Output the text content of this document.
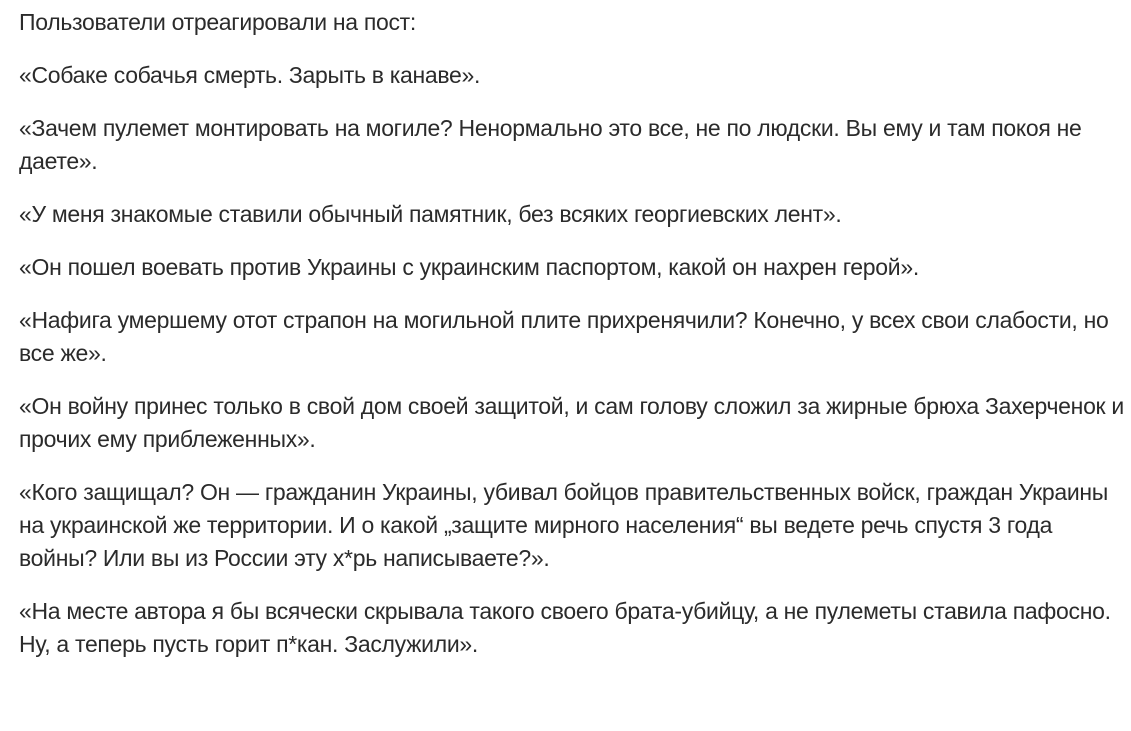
Пользователи отреагировали на пост:

«Собаке собачья смерть. Зарыть в канаве».

«Зачем пулемет монтировать на могиле? Ненормально это все, не по людски. Вы ему и там покоя не даете».

«У меня знакомые ставили обычный памятник, без всяких георгиевских лент».

«Он пошел воевать против Украины с украинским паспортом, какой он нахрен герой».

«Нафига умершему отот страпон на могильной плите прихренячили? Конечно, у всех свои слабости, но все же».

«Он войну принес только в свой дом своей защитой, и сам голову сложил за жирные брюха Захерченок и прочих ему приблеженных».

«Кого защищал? Он — гражданин Украины, убивал бойцов правительственных войск, граждан Украины на украинской же территории. И о какой „защите мирного населения“ вы ведете речь спустя 3 года войны? Или вы из России эту х*рь написываете?».

«На месте автора я бы всячески скрывала такого своего брата-убийцу, а не пулеметы ставила пафосно. Ну, а теперь пусть горит п*кан. Заслужили».
